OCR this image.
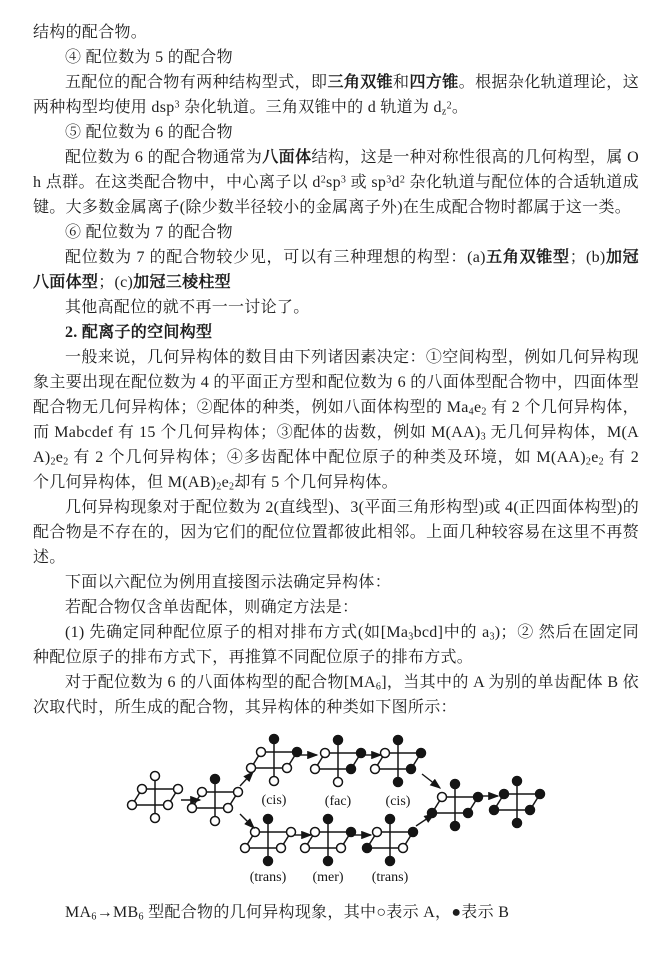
结构的配合物。

④ 配位数为 5 的配合物

五配位的配合物有两种结构型式，即三角双锥和四方锥。根据杂化轨道理论，这两种构型均使用 dsp$^3$ 杂化轨道。三角双锥中的 d 轨道为 $d_z^2$。

⑤ 配位数为 6 的配合物

配位数为 6 的配合物通常为八面体结构，这是一种对称性很高的几何构型，属 Oh 点群。在这类配合物中，中心离子以 $d^2sp^3$ 或 $sp^3d^2$ 杂化轨道与配位体的合适轨道成键。大多数金属离子(除少数半径较小的金属离子外)在生成配合物时都属于这一类。

⑥ 配位数为 7 的配合物

配位数为 7 的配合物较少见，可以有三种理想的构型：(a)五角双锥型；(b)加冠八面体型；(c)加冠三棱柱型

其他高配位的就不再一一讨论了。

2. 配离子的空间构型

一般来说，几何异构体的数目由下列诸因素决定：①空间构型，例如几何异构现象主要出现在配位数为 4 的平面正方型和配位数为 6 的八面体型配合物中，四面体型配合物无几何异构体；②配体的种类，例如八面体构型的 $Ma_4e_2$ 有 2 个几何异构体，而 Mabcdef 有 15 个几何异构体；③配体的齿数，例如 $M(AA)_3$ 无几何异构体，$M(AA)_2e_2$ 有 2 个几何异构体；④多齿配体中配位原子的种类及环境，如 $M(AA)_2e_2$ 有 2 个几何异构体，但 $M(AB)_2e_2$却有 5 个几何异构体。

几何异构现象对于配位数为 2(直线型)、3(平面三角形构型)或 4(正四面体构型)的配合物是不存在的，因为它们的配位位置都彼此相邻。上面几种较容易在这里不再赘述。

下面以六配位为例用直接图示法确定异构体：

若配合物仅含单齿配体，则确定方法是：

(1) 先确定同种配位原子的相对排布方式(如$[Ma_3bcd]$中的 $a_3$)；② 然后在固定同种配位原子的排布方式下，再推算不同配位原子的排布方式。

对于配位数为 6 的八面体构型的配合物$[MA_6]$，当其中的 A 为别的单齿配体 B 依次取代时，所生成的配合物，其异构体的种类如下图所示：

(cis)	(fac) (cis)
(trans) (mer) (trans)

$MA_6\to MB_6$ 型配合物的几何异构现象，其中○表示 A，●表示 B
